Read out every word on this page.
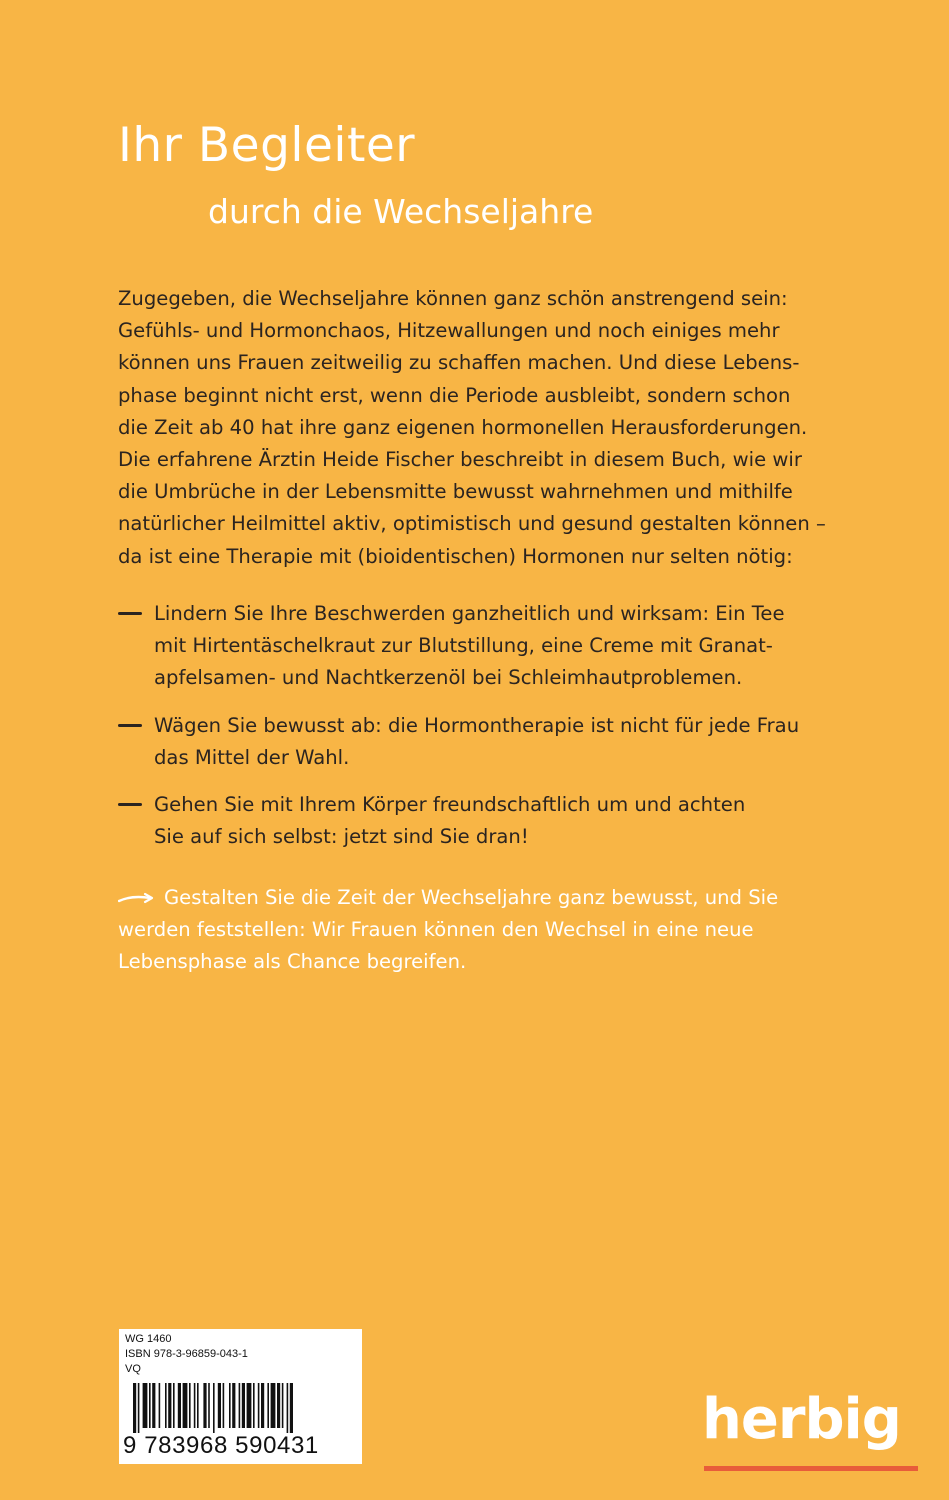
Ihr Begleiter
durch die Wechseljahre
Zugegeben, die Wechseljahre können ganz schön anstrengend sein:
Gefühls- und Hormonchaos, Hitzewallungen und noch einiges mehr
können uns Frauen zeitweilig zu schaffen machen. Und diese Lebens-
phase beginnt nicht erst, wenn die Periode ausbleibt, sondern schon
die Zeit ab 40 hat ihre ganz eigenen hormonellen Herausforderungen.
Die erfahrene Ärztin Heide Fischer beschreibt in diesem Buch, wie wir
die Umbrüche in der Lebensmitte bewusst wahrnehmen und mithilfe
natürlicher Heilmittel aktiv, optimistisch und gesund gestalten können –
da ist eine Therapie mit (bioidentischen) Hormonen nur selten nötig:
Lindern Sie Ihre Beschwerden ganzheitlich und wirksam: Ein Tee
mit Hirtentäschelkraut zur Blutstillung, eine Creme mit Granat-
apfelsamen- und Nachtkerzenöl bei Schleimhautproblemen.
Wägen Sie bewusst ab: die Hormontherapie ist nicht für jede Frau
das Mittel der Wahl.
Gehen Sie mit Ihrem Körper freundschaftlich um und achten
Sie auf sich selbst: jetzt sind Sie dran!
Gestalten Sie die Zeit der Wechseljahre ganz bewusst, und Sie
werden feststellen: Wir Frauen können den Wechsel in eine neue
Lebensphase als Chance begreifen.
WG 1460
ISBN 978-3-96859-043-1
VQ
9 783968 590431	herbig
